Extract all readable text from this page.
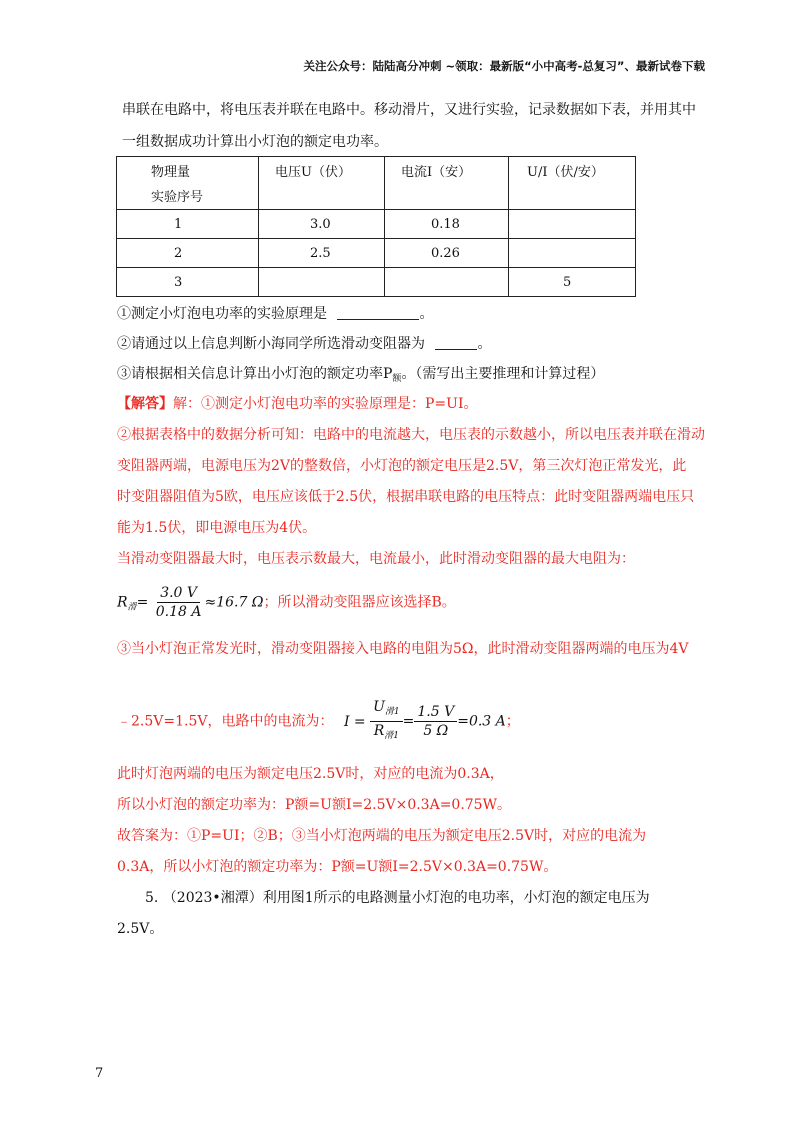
关注公众号：陆陆高分冲刺 ~领取：最新版“小中高考-总复习”、最新试卷下载
串联在电路中，将电压表并联在电路中。移动滑片，又进行实验，记录数据如下表，并用其中
一组数据成功计算出小灯泡的额定电功率。
物理量
实验序号	电压U（伏）	电流I（安）	U/I（伏/安）
1	3.0	0.18	
2	2.5	0.26	
3			5
①测定小灯泡电功率的实验原理是	。
②请通过以上信息判断小海同学所选滑动变阻器为	。
③请根据相关信息计算出小灯泡的额定功率$P_额$。（需写出主要推理和计算过程）
【解答】解：①测定小灯泡电功率的实验原理是：P=UI。
②根据表格中的数据分析可知：电路中的电流越大，电压表的示数越小，所以电压表并联在滑动
变阻器两端，电源电压为2V的整数倍，小灯泡的额定电压是2.5V，第三次灯泡正常发光，此
时变阻器阻值为5欧，电压应该低于2.5伏，根据串联电路的电压特点：此时变阻器两端电压只
能为1.5伏，即电源电压为4伏。
当滑动变阻器最大时，电压表示数最大，电流最小，此时滑动变阻器的最大电阻为：
$R_滑= \frac{3.0 V}{0.18 A} \approx 16.7$ Ω；所以滑动变阻器应该选择B。
③当小灯泡正常发光时，滑动变阻器接入电路的电阻为5Ω，此时滑动变阻器两端的电压为4V
﹣2.5V=1.5V，电路中的电流为： $I = \frac{U_{滑1}}{R_{滑1}} = \frac{1.5 V}{5 \Omega} =0.3$ A；
此时灯泡两端的电压为额定电压2.5V时，对应的电流为0.3A，
所以小灯泡的额定功率为：P额=U额I=2.5V×0.3A=0.75W。
故答案为：①P=UI；②B；③当小灯泡两端的电压为额定电压2.5V时，对应的电流为
0.3A，所以小灯泡的额定功率为：P额=U额I=2.5V×0.3A=0.75W。
5. （2023•湘潭）利用图1所示的电路测量小灯泡的电功率，小灯泡的额定电压为
2.5V。
7
